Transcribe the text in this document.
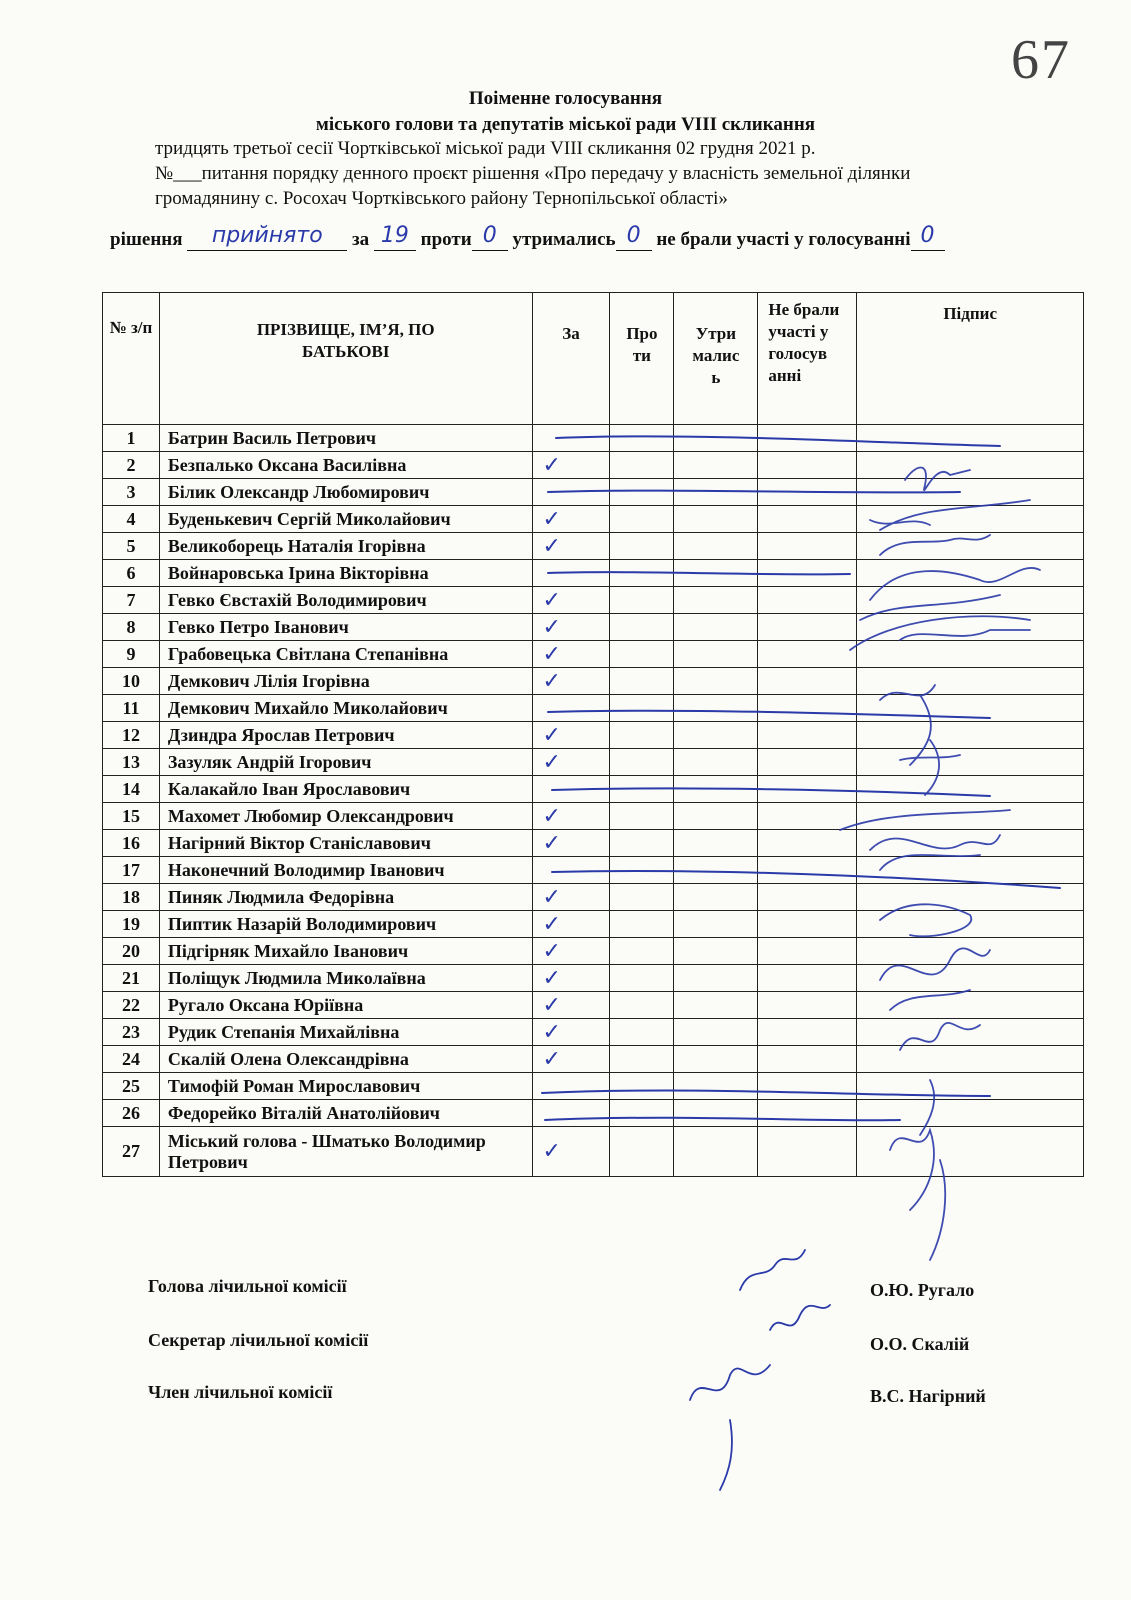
67
Поіменне голосування
міського голови та депутатів міської ради VIII скликання
тридцять третьої сесії Чортківської міської ради VIII скликання 02 грудня 2021 р.
№___питання порядку денного проєкт рішення «Про передачу у власність земельної ділянки
громадянину с. Росохач Чортківського району Тернопільської області»
рішення	прийнято	за 19 проти 0 утримались 0 не брали участі у голосуванні 0
№ з/п	ПРІЗВИЩЕ, ІМ’Я, ПО БАТЬКОВІ	За	Про ти	Утри малис ь	Не брали участі у голосув анні	Підпис
1	Батрин Василь Петрович					
2	Безпалько Оксана Василівна	✓				
3	Білик Олександр Любомирович					
4	Буденькевич Сергій Миколайович	✓				
5	Великоборець Наталія Ігорівна	✓				
6	Войнаровська Ірина Вікторівна					
7	Гевко Євстахій Володимирович	✓				
8	Гевко Петро Іванович	✓				
9	Грабовецька Світлана Степанівна	✓				
10	Демкович Лілія Ігорівна	✓				
11	Демкович Михайло Миколайович					
12	Дзиндра Ярослав Петрович	✓				
13	Зазуляк Андрій Ігорович	✓				
14	Калакайло Іван Ярославович					
15	Махомет Любомир Олександрович	✓				
16	Нагірний Віктор Станіславович	✓				
17	Наконечний Володимир Іванович					
18	Пиняк Людмила Федорівна	✓				
19	Пиптик Назарій Володимирович	✓				
20	Підгірняк Михайло Іванович	✓				
21	Поліщук Людмила Миколаївна	✓				
22	Ругало Оксана Юріївна	✓				
23	Рудик Степанія Михайлівна	✓				
24	Скалій Олена Олександрівна	✓				
25	Тимофій Роман Мирославович					
26	Федорейко Віталій Анатолійович					
27	Міський голова - Шматько Володимир Петрович	✓				
Голова лічильної комісії	О.Ю. Ругало
Секретар лічильної комісії	О.О. Скалій
Член лічильної комісії	В.С. Нагірний
